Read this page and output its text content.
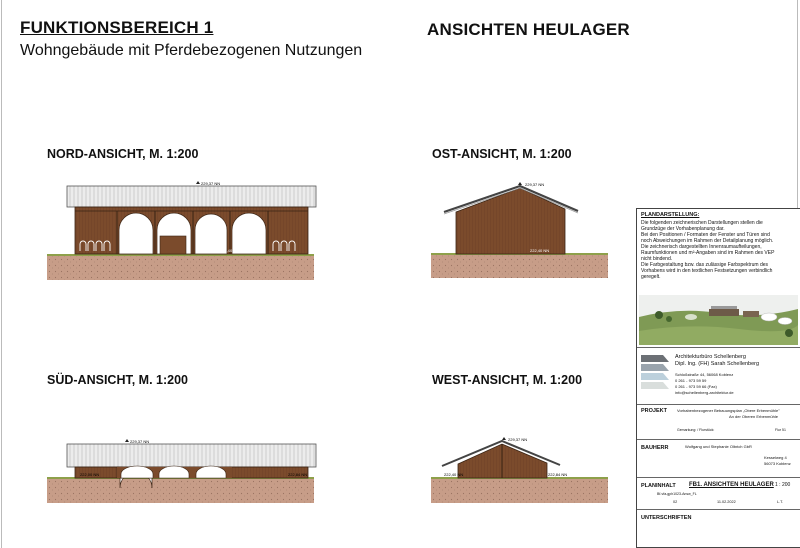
FUNKTIONSBEREICH 1
Wohngebäude mit Pferdebezogenen Nutzungen
ANSICHTEN HEULAGER
NORD-ANSICHT, M. 1:200	OST-ANSICHT, M. 1:200
SÜD-ANSICHT, M. 1:200	WEST-ANSICHT, M. 1:200
229,37 NN
222,40 NN
229,37 NN
222,40 NN
229,37 NN
222,00 NN	222,84 NN
229,37 NN
222,40 NN	222,84 NN
PLANDARSTELLUNG:
Die folgenden zeichnerischen Darstellungen stellen die
Grundzüge der Vorhabenplanung dar.
Bei den Positionen / Formaten der Fenster und Türen sind
noch Abweichungen im Rahmen der Detailplanung möglich.
Die zeichnerisch dargestellten Innenraumaufteilungen,
Raumfunktionen und m²-Angaben sind im Rahmen des VEP
nicht bindend.
Die Farbgestaltung bzw. das zulässige Farbspektrum des
Vorhabens wird in den textlichen Festsetzungen verbindlich
geregelt.
Architekturbüro Schellenberg
Dipl. Ing. (FH) Sarah Schellenberg
Schloßstraße 44, 56068 Koblenz
0 261 - 973 59 59
0 261 - 973 59 66 (Fax)
info@schellenberg-architektur.de
PROJEKT	Vorhabenbezogener Bebauungsplan „Obere Erbenmühle"
An der Oberen Erbenmühle
Gemarkung: / Flurstück:	Flur 51
BAUHERR	Wolfgang und Stephanie Olbrich GbR
Kesselweg 4
56073 Koblenz
PLANINHALT FB1. ANSICHTEN HEULAGER 1 : 200
Bf-vfa-gph1023-Answ_FL
02	11.02.2022	L.T.
UNTERSCHRIFTEN
